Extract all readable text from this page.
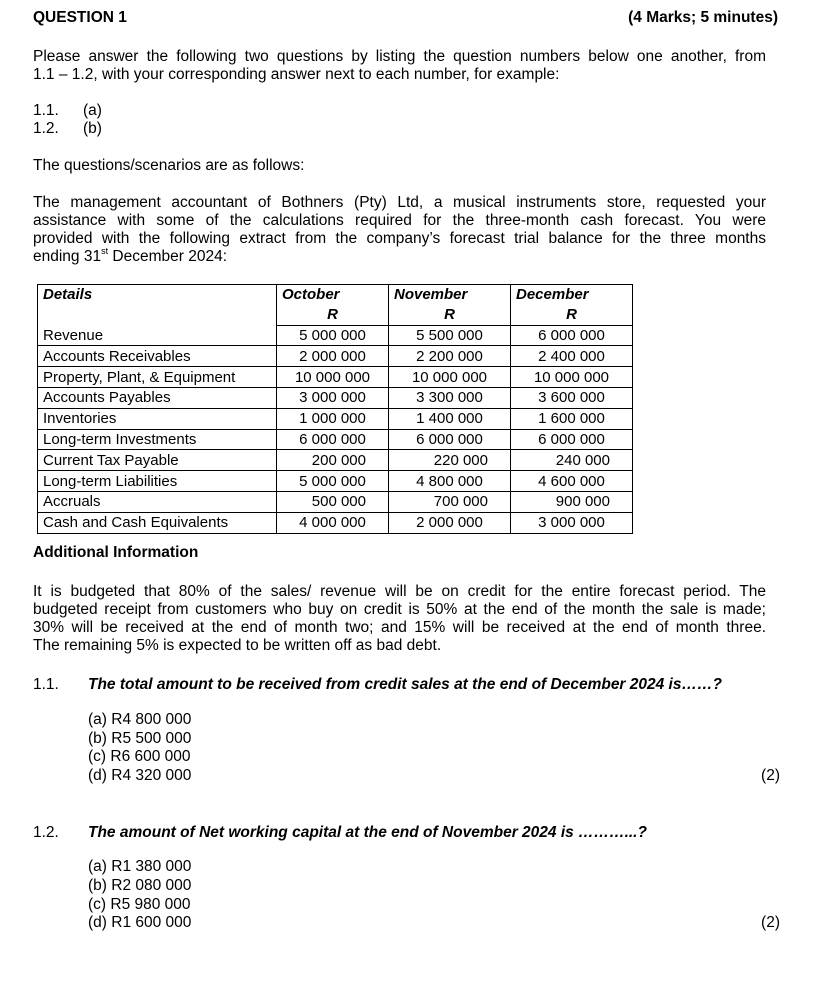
QUESTION 1	(4 Marks; 5 minutes)
Please answer the following two questions by listing the question numbers below one another, from
1.1 – 1.2, with your corresponding answer next to each number, for example:
1.1. (a)
1.2. (b)
The questions/scenarios are as follows:
The management accountant of Bothners (Pty) Ltd, a musical instruments store, requested your
assistance with some of the calculations required for the three-month cash forecast. You were
provided with the following extract from the company’s forecast trial balance for the three months
ending 31st December 2024:
Details	October	November	December
	R	R	R
Revenue	5 000 000	5 500 000	6 000 000
Accounts Receivables	2 000 000	2 200 000	2 400 000
Property, Plant, & Equipment	10 000 000	10 000 000	10 000 000
Accounts Payables	3 000 000	3 300 000	3 600 000
Inventories	1 000 000	1 400 000	1 600 000
Long-term Investments	6 000 000	6 000 000	6 000 000
Current Tax Payable	200 000	220 000	240 000
Long-term Liabilities	5 000 000	4 800 000	4 600 000
Accruals	500 000	700 000	900 000
Cash and Cash Equivalents	4 000 000	2 000 000	3 000 000
Additional Information
It is budgeted that 80% of the sales/ revenue will be on credit for the entire forecast period. The
budgeted receipt from customers who buy on credit is 50% at the end of the month the sale is made;
30% will be received at the end of month two; and 15% will be received at the end of month three.
The remaining 5% is expected to be written off as bad debt.
1.1. The total amount to be received from credit sales at the end of December 2024 is……?
(a) R4 800 000
(b) R5 500 000
(c) R6 600 000
(d) R4 320 000	(2)
1.2. The amount of Net working capital at the end of November 2024 is ………...?
(a) R1 380 000
(b) R2 080 000
(c) R5 980 000
(d) R1 600 000	(2)
